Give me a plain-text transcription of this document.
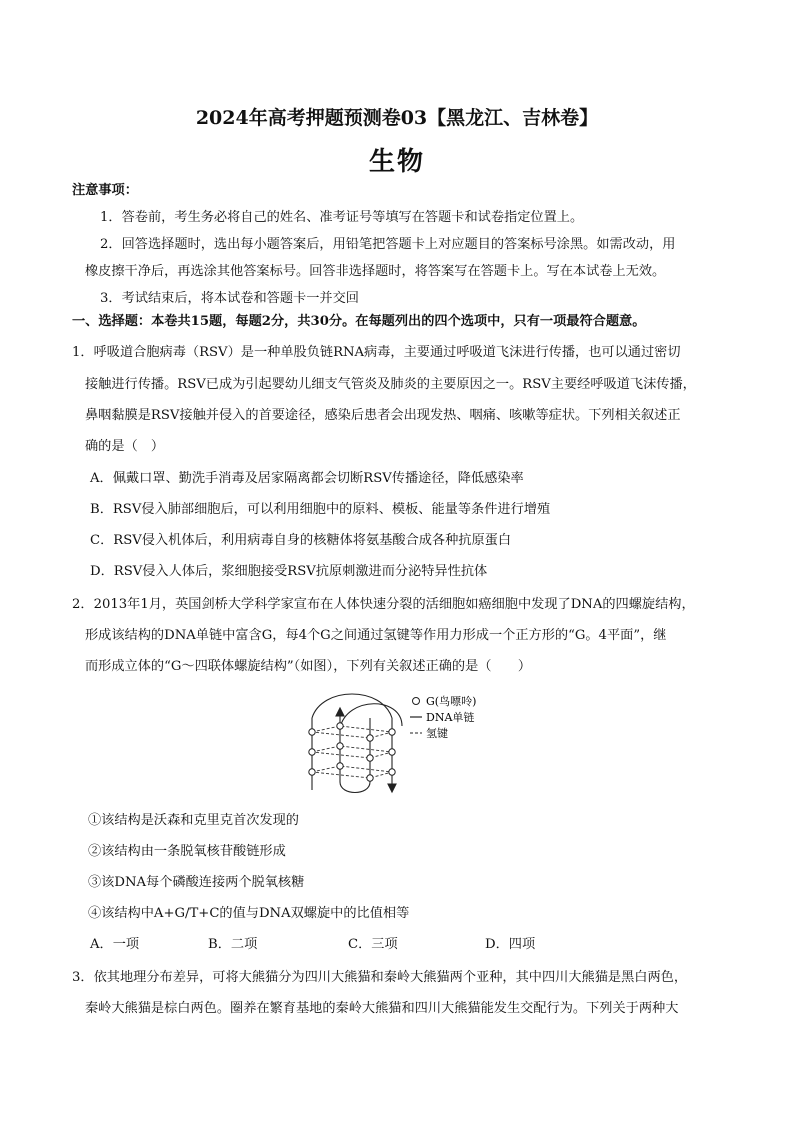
2024年高考押题预测卷03【黑龙江、吉林卷】
生物
注意事项：
1．答卷前，考生务必将自己的姓名、准考证号等填写在答题卡和试卷指定位置上。
2．回答选择题时，选出每小题答案后，用铅笔把答题卡上对应题目的答案标号涂黑。如需改动，用
橡皮擦干净后，再选涂其他答案标号。回答非选择题时，将答案写在答题卡上。写在本试卷上无效。
3．考试结束后，将本试卷和答题卡一并交回
一、选择题：本卷共15题，每题2分，共30分。在每题列出的四个选项中，只有一项最符合题意。
1．呼吸道合胞病毒（RSV）是一种单股负链RNA病毒，主要通过呼吸道飞沫进行传播，也可以通过密切
接触进行传播。RSV已成为引起婴幼儿细支气管炎及肺炎的主要原因之一。RSV主要经呼吸道飞沫传播，
鼻咽黏膜是RSV接触并侵入的首要途径，感染后患者会出现发热、咽痛、咳嗽等症状。下列相关叙述正
确的是（　）
A．佩戴口罩、勤洗手消毒及居家隔离都会切断RSV传播途径，降低感染率
B．RSV侵入肺部细胞后，可以利用细胞中的原料、模板、能量等条件进行增殖
C．RSV侵入机体后，利用病毒自身的核糖体将氨基酸合成各种抗原蛋白
D．RSV侵入人体后，浆细胞接受RSV抗原刺激进而分泌特异性抗体
2．2013年1月，英国剑桥大学科学家宣布在人体快速分裂的活细胞如癌细胞中发现了DNA的四螺旋结构，
形成该结构的DNA单链中富含G，每4个G之间通过氢键等作用力形成一个正方形的“G。4平面”，继
而形成立体的“G～四联体螺旋结构”（如图），下列有关叙述正确的是（　　）
G(鸟嘌呤)
DNA单链
氢键
①该结构是沃森和克里克首次发现的
②该结构由一条脱氧核苷酸链形成
③该DNA每个磷酸连接两个脱氧核糖
④该结构中A+G/T+C的值与DNA双螺旋中的比值相等
A．一项	B．二项	C．三项	D．四项
3．依其地理分布差异，可将大熊猫分为四川大熊猫和秦岭大熊猫两个亚种，其中四川大熊猫是黑白两色，
秦岭大熊猫是棕白两色。圈养在繁育基地的秦岭大熊猫和四川大熊猫能发生交配行为。下列关于两种大
